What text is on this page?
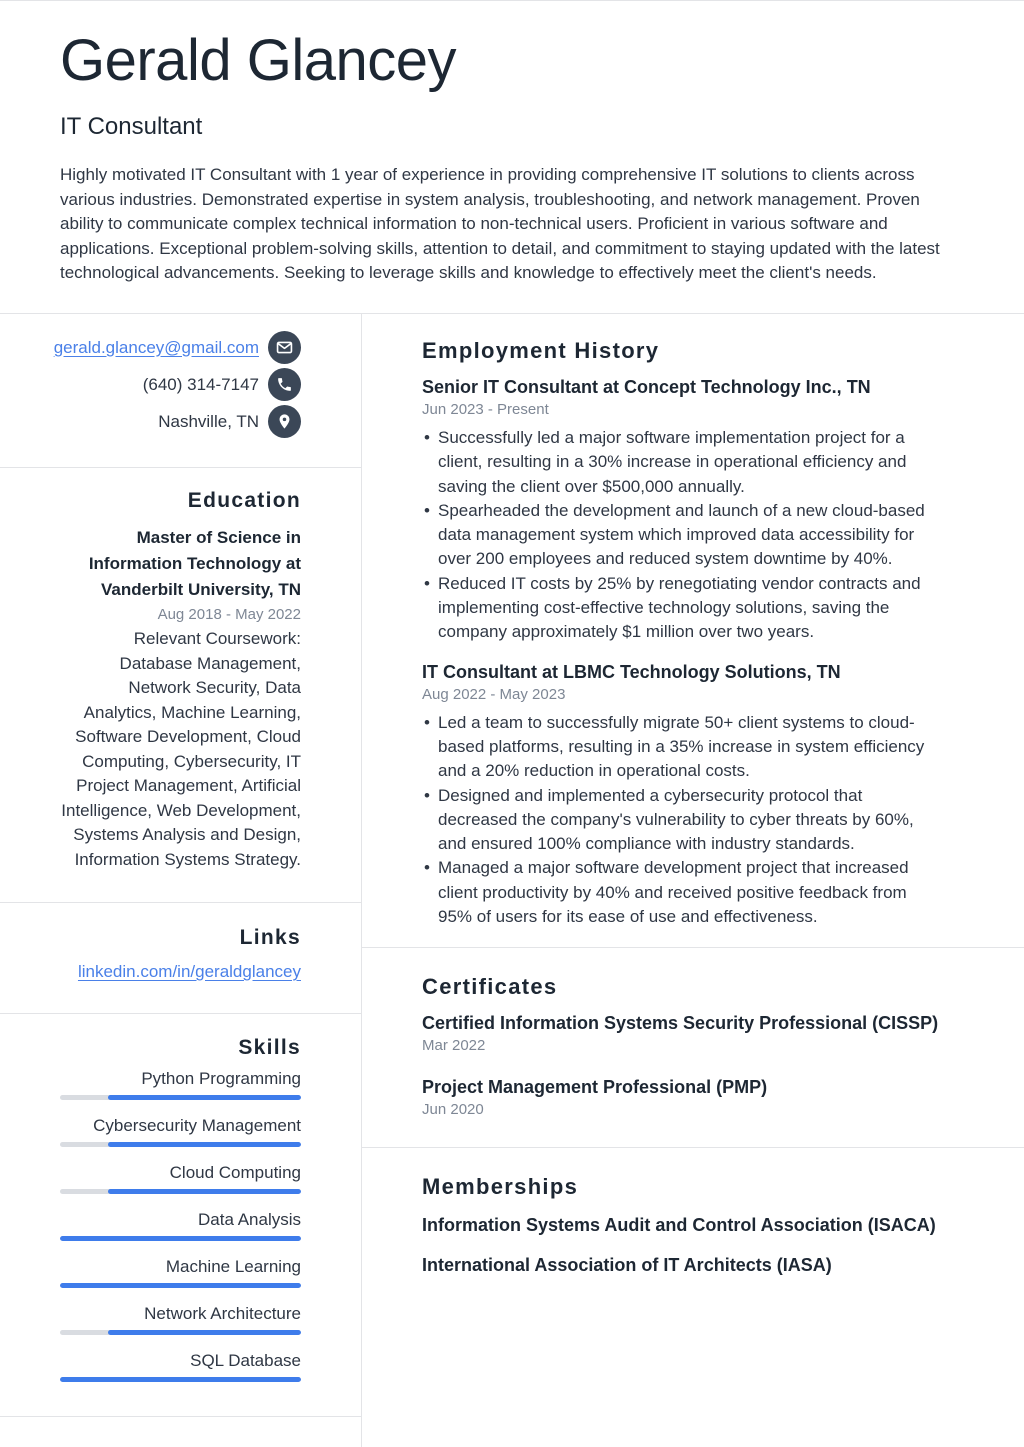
Gerald Glancey
IT Consultant

Highly motivated IT Consultant with 1 year of experience in providing comprehensive IT solutions to clients across various industries. Demonstrated expertise in system analysis, troubleshooting, and network management. Proven ability to communicate complex technical information to non-technical users. Proficient in various software and applications. Exceptional problem-solving skills, attention to detail, and commitment to staying updated with the latest technological advancements. Seeking to leverage skills and knowledge to effectively meet the client's needs.

gerald.glancey@gmail.com
(640) 314-7147
Nashville, TN
Education
Master of Science in Information Technology at Vanderbilt University, TN
Aug 2018 - May 2022
Relevant Coursework: Database Management, Network Security, Data Analytics, Machine Learning, Software Development, Cloud Computing, Cybersecurity, IT Project Management, Artificial Intelligence, Web Development, Systems Analysis and Design, Information Systems Strategy.
Links
linkedin.com/in/geraldglancey
Skills
Python Programming
Cybersecurity Management
Cloud Computing
Data Analysis
Machine Learning
Network Architecture
SQL Database
Employment History
Senior IT Consultant at Concept Technology Inc., TN
Jun 2023 - Present
• Successfully led a major software implementation project for a client, resulting in a 30% increase in operational efficiency and saving the client over $500,000 annually.
• Spearheaded the development and launch of a new cloud-based data management system which improved data accessibility for over 200 employees and reduced system downtime by 40%.
• Reduced IT costs by 25% by renegotiating vendor contracts and implementing cost-effective technology solutions, saving the company approximately $1 million over two years.
IT Consultant at LBMC Technology Solutions, TN
Aug 2022 - May 2023
• Led a team to successfully migrate 50+ client systems to cloud-based platforms, resulting in a 35% increase in system efficiency and a 20% reduction in operational costs.
• Designed and implemented a cybersecurity protocol that decreased the company's vulnerability to cyber threats by 60%, and ensured 100% compliance with industry standards.
• Managed a major software development project that increased client productivity by 40% and received positive feedback from 95% of users for its ease of use and effectiveness.
Certificates
Certified Information Systems Security Professional (CISSP)
Mar 2022
Project Management Professional (PMP)
Jun 2020
Memberships
Information Systems Audit and Control Association (ISACA)
International Association of IT Architects (IASA)
